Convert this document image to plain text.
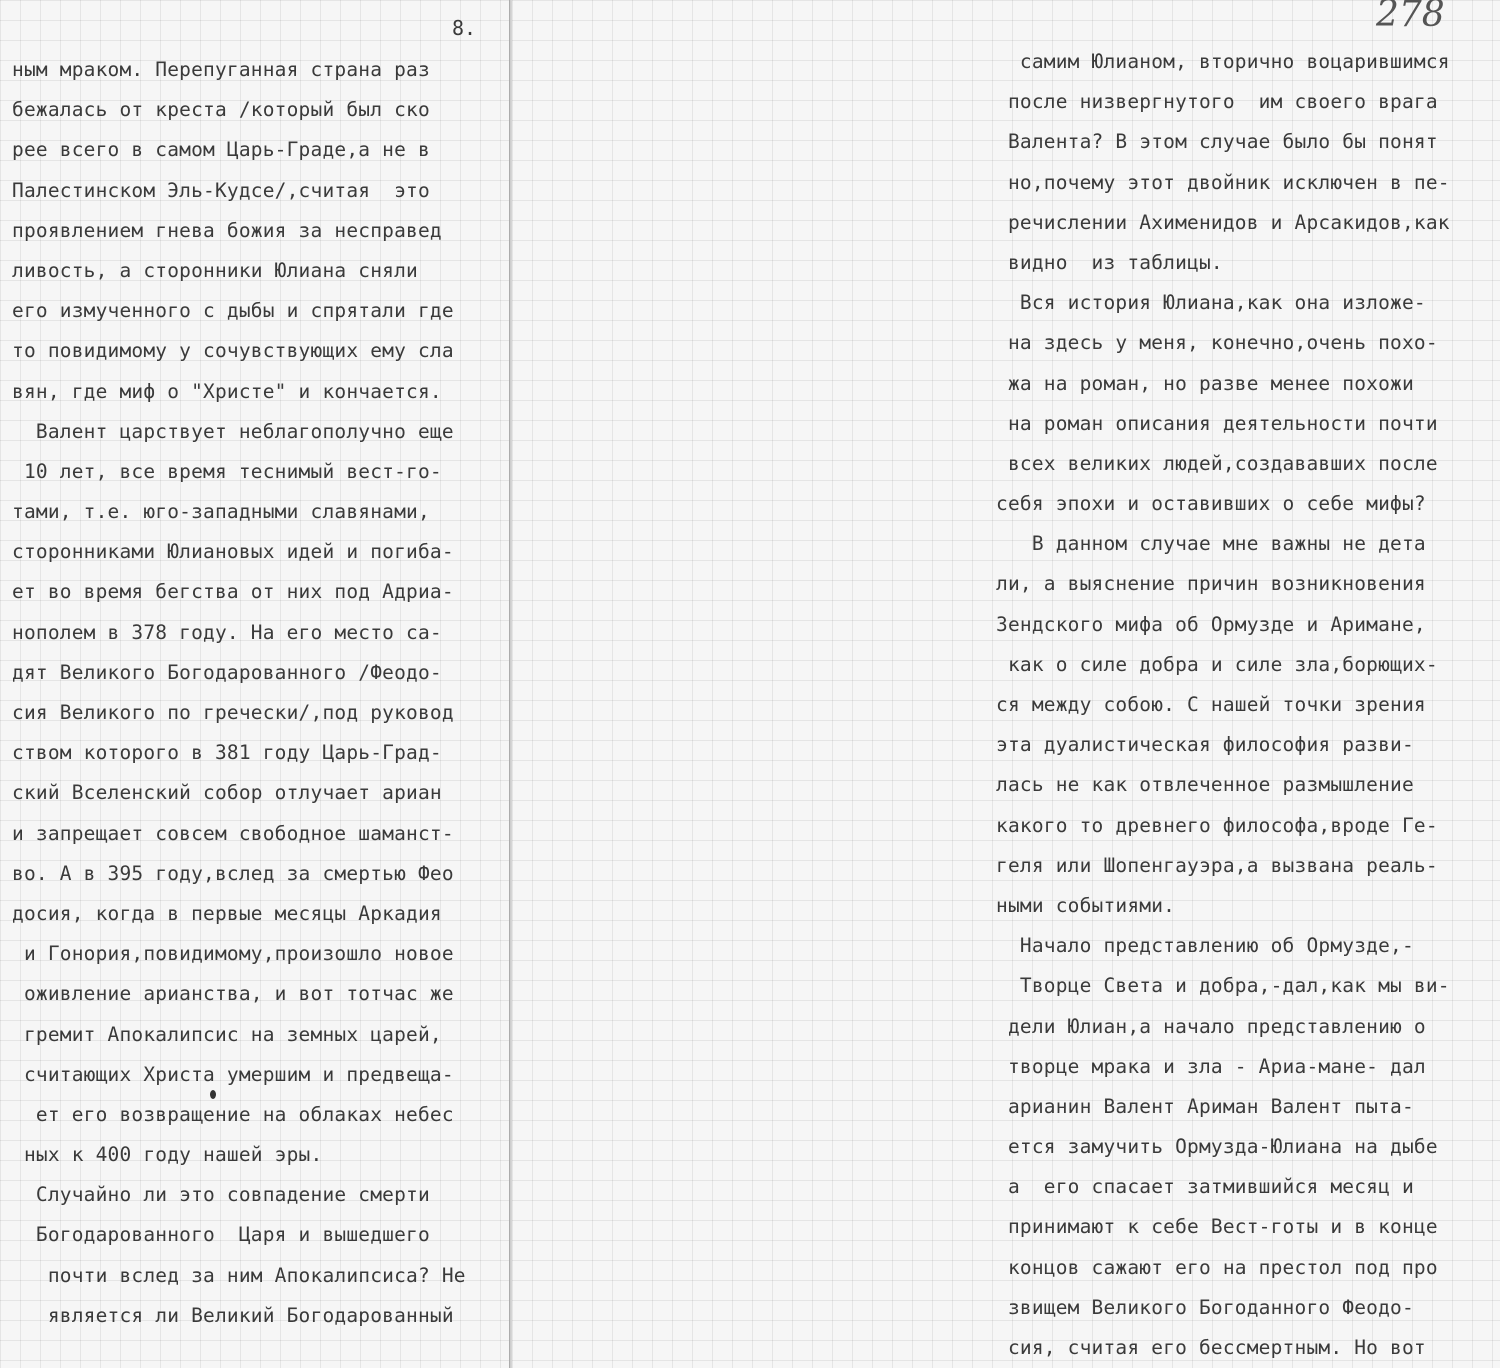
8.
ным мраком. Перепуганная страна раз
бежалась от креста /который был ско
рее всего в самом Царь-Граде,а не в
Палестинском Эль-Кудсе/,считая  это
проявлением гнева божия за несправед
ливость, а сторонники Юлиана сняли
его измученного с дыбы и спрятали где
то повидимому у сочувствующих ему сла
вян, где миф о "Христе" и кончается.
Валент царствует неблагополучно еще
10 лет, все время теснимый вест-го-
тами, т.е. юго-западными славянами,
сторонниками Юлиановых идей и погиба-
ет во время бегства от них под Адриа-
нополем в 378 году. На его место са-
дят Великого Богодарованного /Феодо-
сия Великого по гречески/,под руковод
ством которого в 381 году Царь-Град-
ский Вселенский собор отлучает ариан
и запрещает совсем свободное шаманст-
во. А в 395 году,вслед за смертью Фео
досия, когда в первые месяцы Аркадия
и Гонория,повидимому,произошло новое
оживление арианства, и вот тотчас же
гремит Апокалипсис на земных царей,
считающих Христа умершим и предвеща-
ет его возвращение на облаках небес
ных к 400 году нашей эры.
Случайно ли это совпадение смерти
Богодарованного  Царя и вышедшего
почти вслед за ним Апокалипсиса? Не
является ли Великий Богодарованный
278
самим Юлианом, вторично воцарившимся
после низвергнутого  им своего врага
Валента? В этом случае было бы понят
но,почему этот двойник исключен в пе-
речислении Ахименидов и Арсакидов,как
видно  из таблицы.
Вся история Юлиана,как она изложе-
на здесь у меня, конечно,очень похо-
жа на роман, но разве менее похожи
на роман описания деятельности почти
всех великих людей,создававших после
себя эпохи и оставивших о себе мифы?
В данном случае мне важны не дета
ли, а выяснение причин возникновения
Зендского мифа об Ормуздe и Аримане,
как о силе добра и силе зла,борющих-
ся между собою. С нашей точки зрения
эта дуалистическая философия разви-
лась не как отвлеченное размышление
какого то древнего философа,вроде Ге-
геля или Шопенгауэра,а вызвана реаль-
ными событиями.
Начало представлению об Ормузде,-
Творце Света и добра,-дал,как мы ви-
дели Юлиан,а начало представлению о
творце мрака и зла - Ариа-мане- дал
арианин Валент Ариман Валент пыта-
ется замучить Ормузда-Юлиана на дыбе
а  его спасает затмившийся месяц и
принимают к себе Вест-готы и в конце
концов сажают его на престол под про
звищем Великого Богоданного Феодо-
сия, считая его бессмертным. Но вот
